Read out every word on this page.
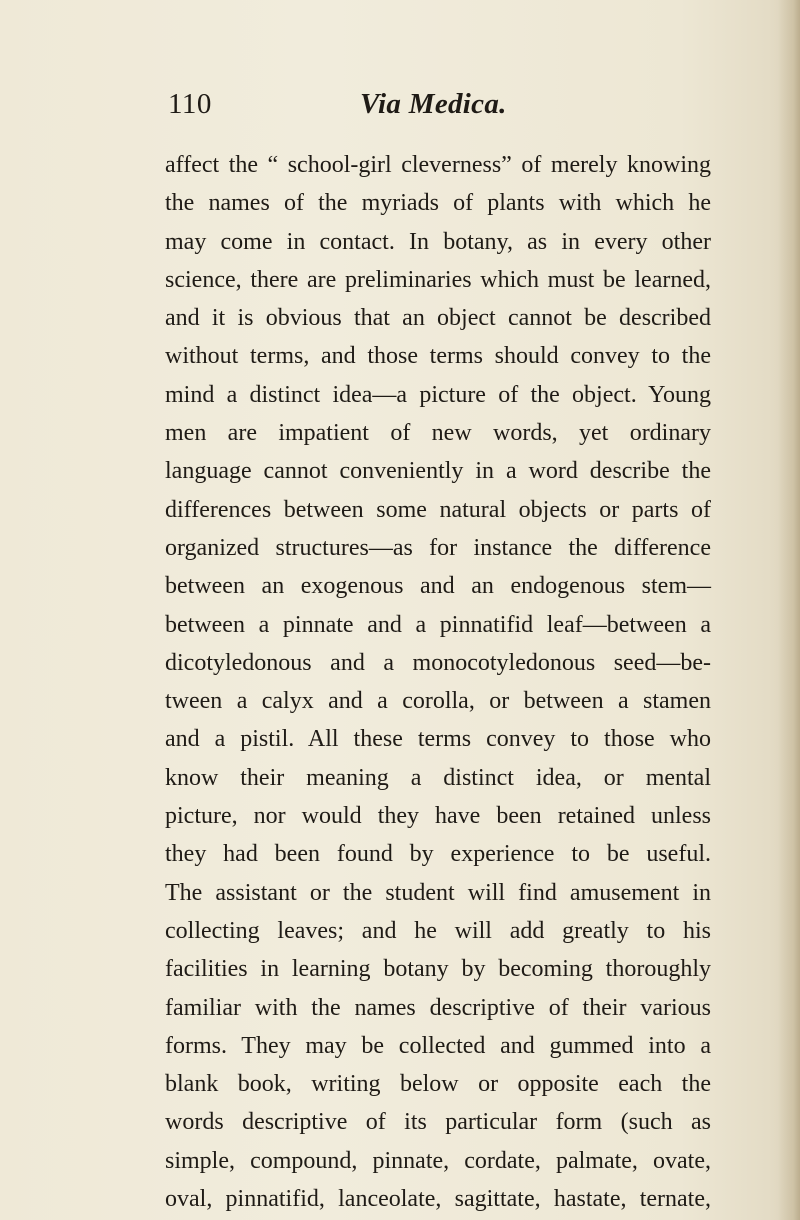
110	Via Medica.
affect the “ school-girl cleverness” of merely knowing
the names of the myriads of plants with which he
may come in contact. In botany, as in every other
science, there are preliminaries which must be learned,
and it is obvious that an object cannot be described
without terms, and those terms should convey to the
mind a distinct idea—a picture of the object. Young
men are impatient of new words, yet ordinary
language cannot conveniently in a word describe the
differences between some natural objects or parts of
organized structures—as for instance the difference
between an exogenous and an endogenous stem—
between a pinnate and a pinnatifid leaf—between a
dicotyledonous and a monocotyledonous seed—be-
tween a calyx and a corolla, or between a stamen
and a pistil. All these terms convey to those who
know their meaning a distinct idea, or mental
picture, nor would they have been retained unless
they had been found by experience to be useful.
The assistant or the student will find amusement in
collecting leaves; and he will add greatly to his
facilities in learning botany by becoming thoroughly
familiar with the names descriptive of their various
forms. They may be collected and gummed into a
blank book, writing below or opposite each the
words descriptive of its particular form (such as
simple, compound, pinnate, cordate, palmate, ovate,
oval, pinnatifid, lanceolate, sagittate, hastate, ternate,
